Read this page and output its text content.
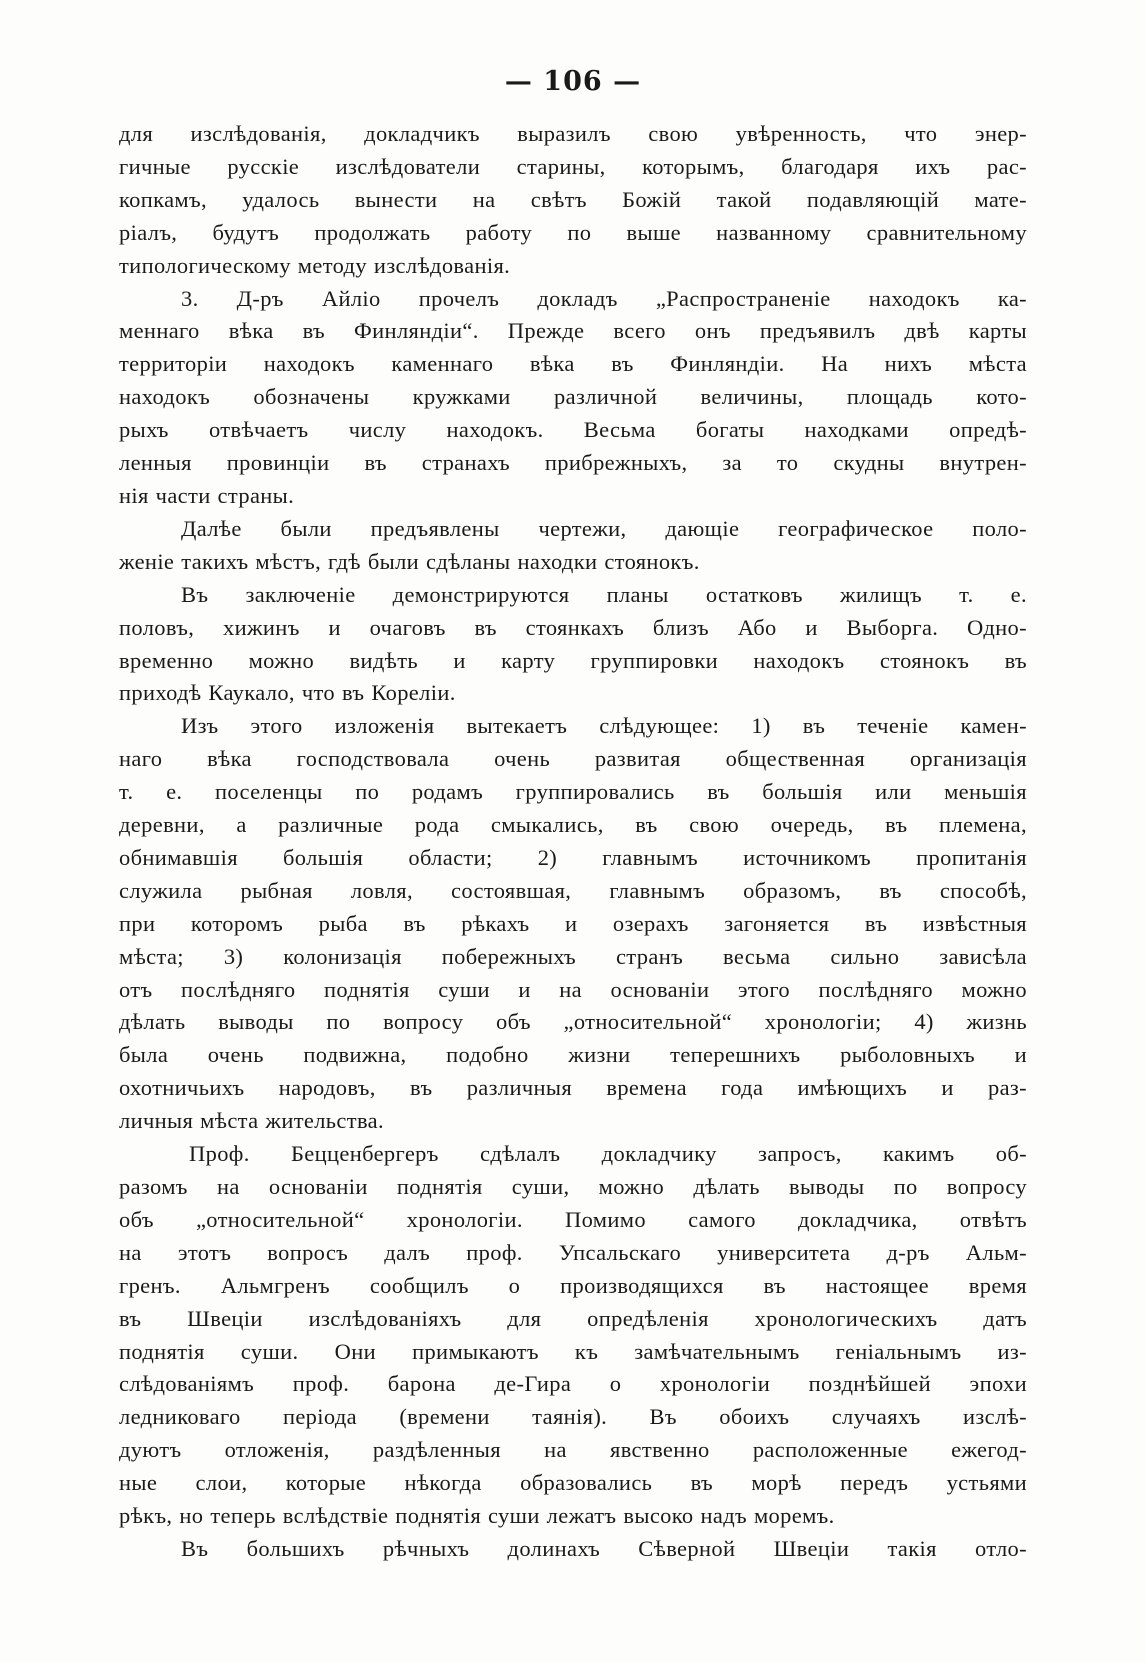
— 106 —

для изслѣдованія, докладчикъ выразилъ свою увѣренность, что энер-
гичные русскіе изслѣдователи старины, которымъ, благодаря ихъ рас-
копкамъ, удалось вынести на свѣтъ Божій такой подавляющій мате-
ріалъ, будутъ продолжать работу по выше названному сравнительному
типологическому методу изслѣдованія.

3. Д-ръ Айліо прочелъ докладъ „Распространеніе находокъ ка-
меннаго вѣка въ Финляндіи“. Прежде всего онъ предъявилъ двѣ карты
территоріи находокъ каменнаго вѣка въ Финляндіи. На нихъ мѣста
находокъ обозначены кружками различной величины, площадь кото-
рыхъ отвѣчаетъ числу находокъ. Весьма богаты находками опредѣ-
ленныя провинціи въ странахъ прибрежныхъ, за то скудны внутрен-
нія части страны.

Далѣе были предъявлены чертежи, дающіе географическое поло-
женіе такихъ мѣстъ, гдѣ были сдѣланы находки стоянокъ.

Въ заключеніе демонстрируются планы остатковъ жилищъ т. е.
половъ, хижинъ и очаговъ въ стоянкахъ близъ Або и Выборга. Одно-
временно можно видѣть и карту группировки находокъ стоянокъ въ
приходѣ Каукало, что въ Кореліи.

Изъ этого изложенія вытекаетъ слѣдующее: 1) въ теченіе камен-
наго вѣка господствовала очень развитая общественная организація
т. е. поселенцы по родамъ группировались въ большія или меньшія
деревни, а различные рода смыкались, въ свою очередь, въ племена,
обнимавшія большія области; 2) главнымъ источникомъ пропитанія
служила рыбная ловля, состоявшая, главнымъ образомъ, въ способѣ,
при которомъ рыба въ рѣкахъ и озерахъ загоняется въ извѣстныя
мѣста; 3) колонизація побережныхъ странъ весьма сильно зависѣла
отъ послѣдняго поднятія суши и на основаніи этого послѣдняго можно
дѣлать выводы по вопросу объ „относительной“ хронологіи; 4) жизнь
была очень подвижна, подобно жизни теперешнихъ рыболовныхъ и
охотничьихъ народовъ, въ различныя времена года имѣющихъ и раз-
личныя мѣста жительства.

Проф. Бецценбергеръ сдѣлалъ докладчику запросъ, какимъ об-
разомъ на основаніи поднятія суши, можно дѣлать выводы по вопросу
объ „относительной“ хронологіи. Помимо самого докладчика, отвѣтъ
на этотъ вопросъ далъ проф. Упсальскаго университета д-ръ Альм-
гренъ. Альмгренъ сообщилъ о производящихся въ настоящее время
въ Швеціи изслѣдованіяхъ для опредѣленія хронологическихъ датъ
поднятія суши. Они примыкаютъ къ замѣчательнымъ геніальнымъ из-
слѣдованіямъ проф. барона де-Гира о хронологіи позднѣйшей эпохи
ледниковаго періода (времени таянія). Въ обоихъ случаяхъ изслѣ-
дуютъ отложенія, раздѣленныя на явственно расположенные ежегод-
ные слои, которые нѣкогда образовались въ морѣ передъ устьями
рѣкъ, но теперь вслѣдствіе поднятія суши лежатъ высоко надъ моремъ.

Въ большихъ рѣчныхъ долинахъ Сѣверной Швеціи такія отло-
